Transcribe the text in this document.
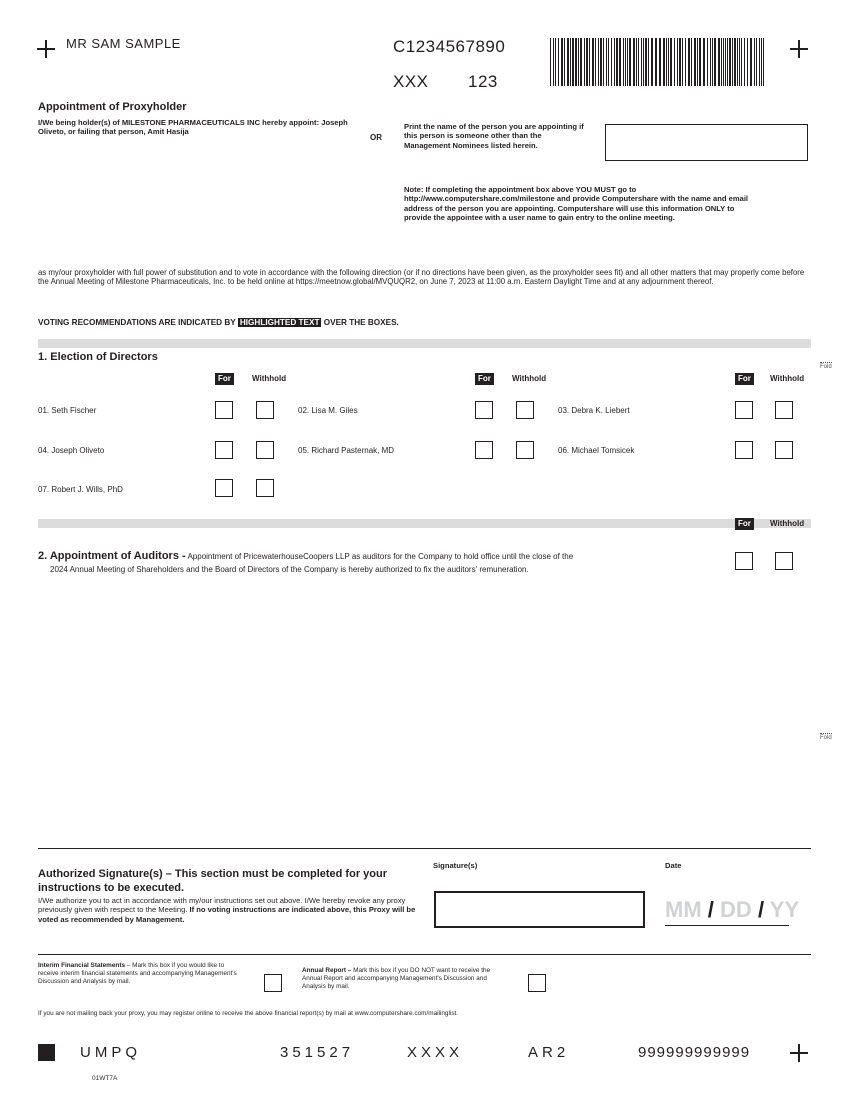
MR SAM SAMPLE	C1234567890
XXX 123
Appointment of Proxyholder
I/We being holder(s) of MILESTONE PHARMACEUTICALS INC hereby appoint: Joseph Oliveto, or failing that person, Amit Hasija
OR
Print the name of the person you are appointing if this person is someone other than the Management Nominees listed herein.
Note: If completing the appointment box above YOU MUST go to http://www.computershare.com/milestone and provide Computershare with the name and email address of the person you are appointing. Computershare will use this information ONLY to provide the appointee with a user name to gain entry to the online meeting.
as my/our proxyholder with full power of substitution and to vote in accordance with the following direction (or if no directions have been given, as the proxyholder sees fit) and all other matters that may properly come before the Annual Meeting of Milestone Pharmaceuticals, Inc. to be held online at https://meetnow.global/MVQUQR2, on June 7, 2023 at 11:00 a.m. Eastern Daylight Time and at any adjournment thereof.
VOTING RECOMMENDATIONS ARE INDICATED BY HIGHLIGHTED TEXT OVER THE BOXES.
1. Election of Directors
For	Withhold	For	Withhold	For	Withhold
01. Seth Fischer	02. Lisa M. Giles	03. Debra K. Liebert
04. Joseph Oliveto	05. Richard Pasternak, MD	06. Michael Tomsicek
07. Robert J. Wills, PhD
For	Withhold
2. Appointment of Auditors - Appointment of PricewaterhouseCoopers LLP as auditors for the Company to hold office until the close of the
2024 Annual Meeting of Shareholders and the Board of Directors of the Company is hereby authorized to fix the auditors' remuneration.
Fold
Fold
Authorized Signature(s) – This section must be completed for your
instructions to be executed.
I/We authorize you to act in accordance with my/our instructions set out above. I/We hereby revoke any proxy previously given with respect to the Meeting. If no voting instructions are indicated above, this Proxy will be voted as recommended by Management.
Signature(s)	Date
MM / DD / YY
Interim Financial Statements – Mark this box if you would like to receive interim financial statements and accompanying Management's Discussion and Analysis by mail.
Annual Report – Mark this box if you DO NOT want to receive the Annual Report and accompanying Management's Discussion and Analysis by mail.
If you are not mailing back your proxy, you may register online to receive the above financial report(s) by mail at www.computershare.com/mailinglist.
UMPQ	351527	XXXX	AR2	999999999999
01WT7A
